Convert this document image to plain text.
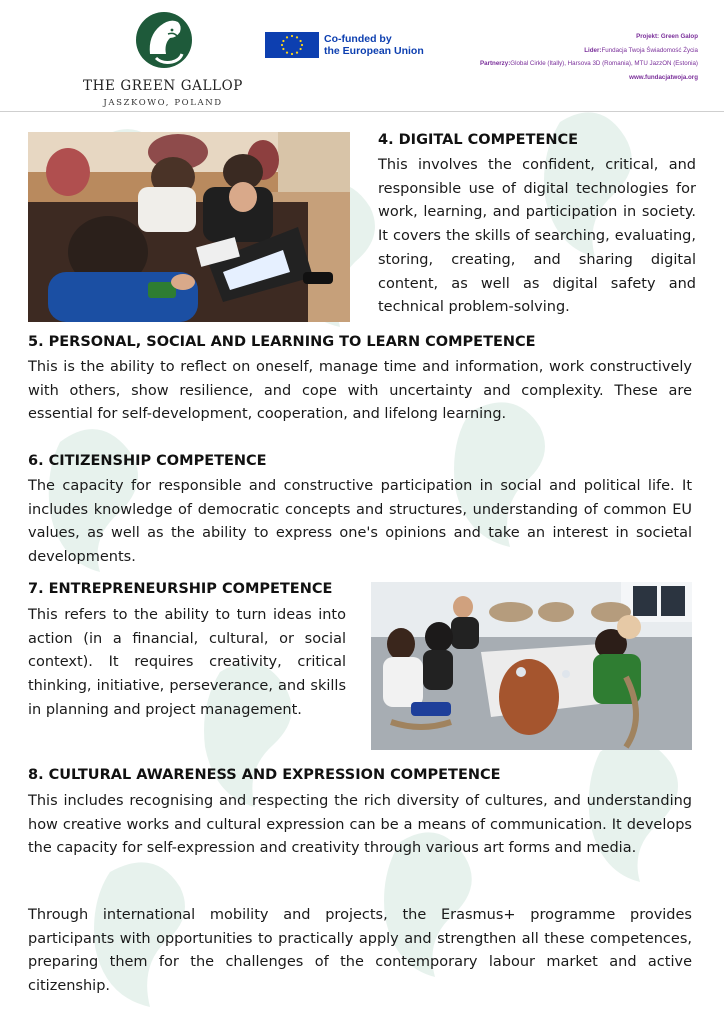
THE GREEN GALLOP
JASZKOWO, POLAND
Co-funded by
the European Union
Projekt: Green Galop
Lider:Fundacja Twoja Świadomość Życia
Partnerzy:Global Cirkle (Itally), Harsova 3D (Romania), MTU JazzON (Estonia)
www.fundacjatwoja.org
4. DIGITAL COMPETENCE
This involves the confident, critical, and responsible use of digital technologies for work, learning, and participation in society. It covers the skills of searching, evaluating, storing, creating, and sharing digital content, as well as digital safety and technical problem-solving.
5. PERSONAL, SOCIAL AND LEARNING TO LEARN COMPETENCE
This is the ability to reflect on oneself, manage time and information, work constructively with others, show resilience, and cope with uncertainty and complexity. These are essential for self-development, cooperation, and lifelong learning.
6. CITIZENSHIP COMPETENCE
The capacity for responsible and constructive participation in social and political life. It includes knowledge of democratic concepts and structures, understanding of common EU values, as well as the ability to express one's opinions and take an interest in societal developments.
7. ENTREPRENEURSHIP COMPETENCE
This refers to the ability to turn ideas into action (in a financial, cultural, or social context). It requires creativity, critical thinking, initiative, perseverance, and skills in planning and project management.
8. CULTURAL AWARENESS AND EXPRESSION COMPETENCE
This includes recognising and respecting the rich diversity of cultures, and understanding how creative works and cultural expression can be a means of communication. It develops the capacity for self-expression and creativity through various art forms and media.
Through international mobility and projects, the Erasmus+ programme provides participants with opportunities to practically apply and strengthen all these competences, preparing them for the challenges of the contemporary labour market and active citizenship.
